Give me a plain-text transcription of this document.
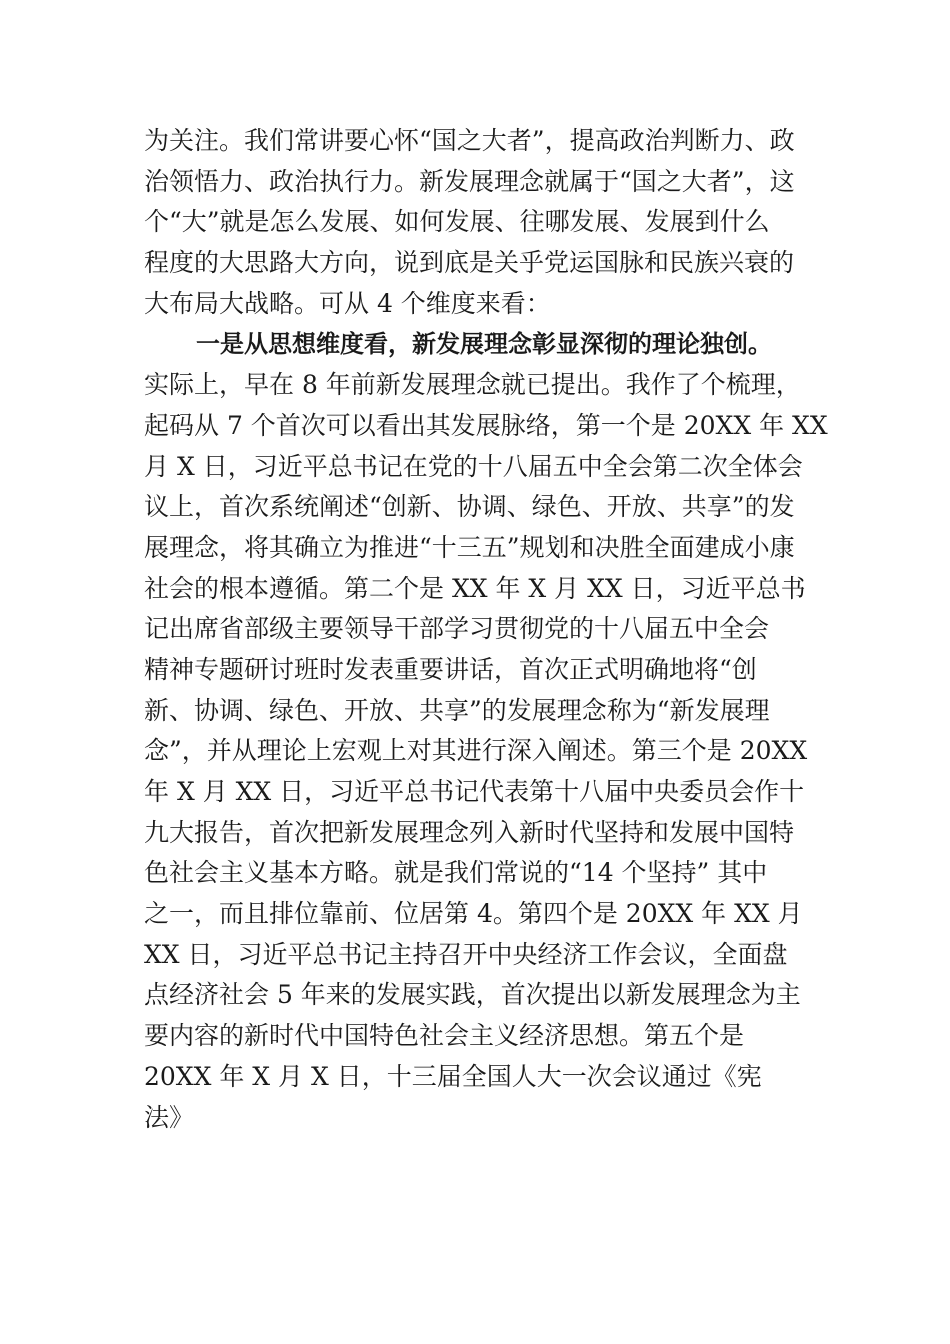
为关注。我们常讲要心怀“国之大者”，提高政治判断力、政
治领悟力、政治执行力。新发展理念就属于“国之大者”，这
个“大”就是怎么发展、如何发展、往哪发展、发展到什么
程度的大思路大方向，说到底是关乎党运国脉和民族兴衰的
大布局大战略。可从 4 个维度来看：
一是从思想维度看，新发展理念彰显深彻的理论独创。
实际上，早在 8 年前新发展理念就已提出。我作了个梳理，
起码从 7 个首次可以看出其发展脉络，第一个是 20XX 年 XX
月 X 日，习近平总书记在党的十八届五中全会第二次全体会
议上，首次系统阐述“创新、协调、绿色、开放、共享”的发
展理念，将其确立为推进“十三五”规划和决胜全面建成小康
社会的根本遵循。第二个是 XX 年 X 月 XX 日，习近平总书
记出席省部级主要领导干部学习贯彻党的十八届五中全会
精神专题研讨班时发表重要讲话，首次正式明确地将“创
新、协调、绿色、开放、共享”的发展理念称为“新发展理
念”，并从理论上宏观上对其进行深入阐述。第三个是 20XX
年 X 月 XX 日，习近平总书记代表第十八届中央委员会作十
九大报告，首次把新发展理念列入新时代坚持和发展中国特
色社会主义基本方略。就是我们常说的“14 个坚持” 其中
之一，而且排位靠前、位居第 4。第四个是 20XX 年 XX 月
XX 日，习近平总书记主持召开中央经济工作会议，全面盘
点经济社会 5 年来的发展实践，首次提出以新发展理念为主
要内容的新时代中国特色社会主义经济思想。第五个是
20XX 年 X 月 X 日，十三届全国人大一次会议通过《宪
法》
